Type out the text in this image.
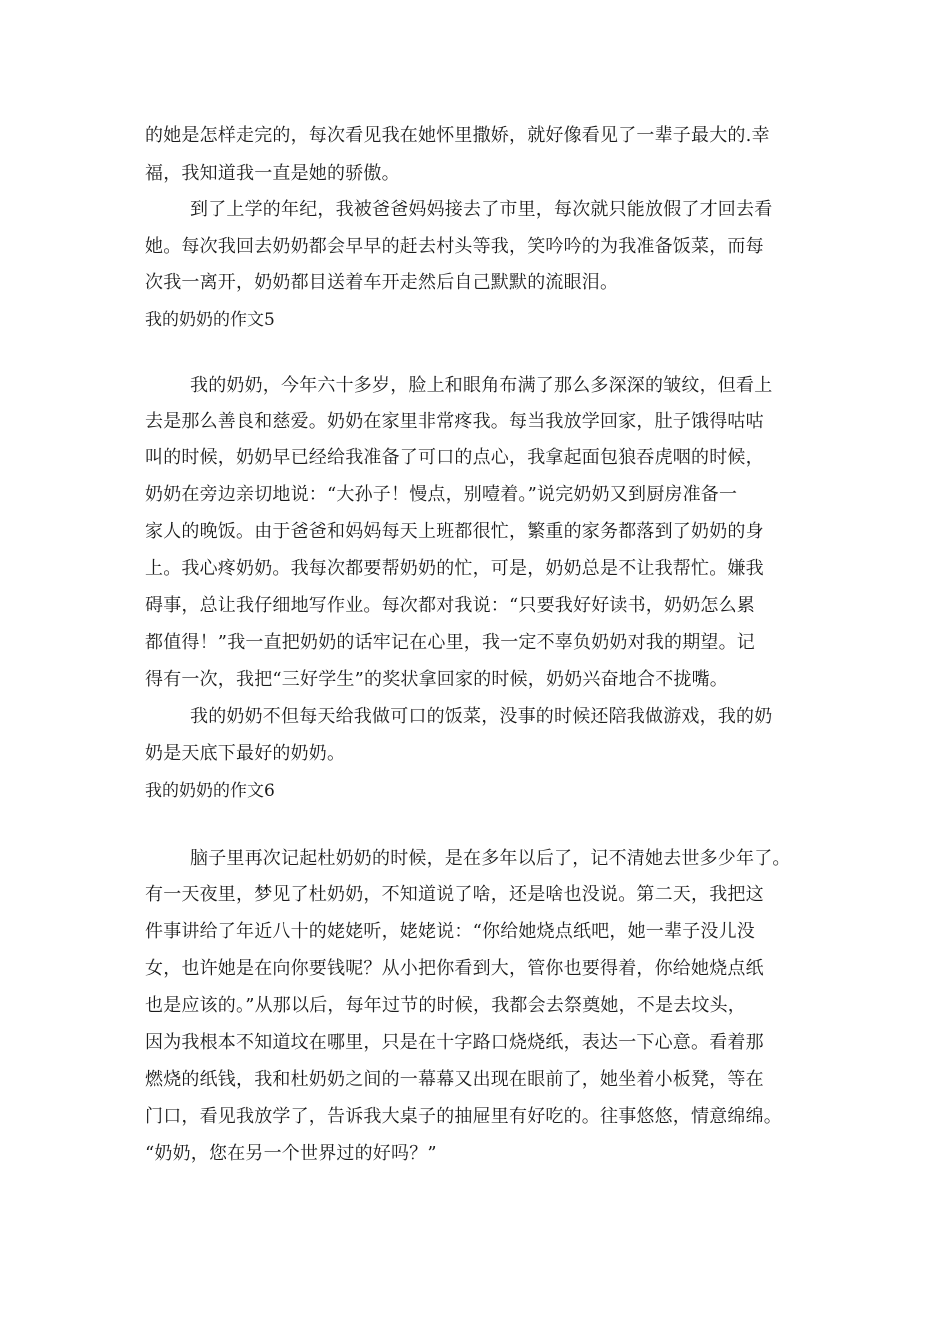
的她是怎样走完的，每次看见我在她怀里撒娇，就好像看见了一辈子最大的.幸
福，我知道我一直是她的骄傲。
到了上学的年纪，我被爸爸妈妈接去了市里，每次就只能放假了才回去看
她。每次我回去奶奶都会早早的赶去村头等我，笑吟吟的为我准备饭菜，而每
次我一离开，奶奶都目送着车开走然后自己默默的流眼泪。
我的奶奶的作文5
我的奶奶，今年六十多岁，脸上和眼角布满了那么多深深的皱纹，但看上
去是那么善良和慈爱。奶奶在家里非常疼我。每当我放学回家，肚子饿得咕咕
叫的时候，奶奶早已经给我准备了可口的点心，我拿起面包狼吞虎咽的时候，
奶奶在旁边亲切地说：“大孙子！慢点，别噎着。”说完奶奶又到厨房准备一
家人的晚饭。由于爸爸和妈妈每天上班都很忙，繁重的家务都落到了奶奶的身
上。我心疼奶奶。我每次都要帮奶奶的忙，可是，奶奶总是不让我帮忙。嫌我
碍事，总让我仔细地写作业。每次都对我说：“只要我好好读书，奶奶怎么累
都值得！”我一直把奶奶的话牢记在心里，我一定不辜负奶奶对我的期望。记
得有一次，我把“三好学生”的奖状拿回家的时候，奶奶兴奋地合不拢嘴。
我的奶奶不但每天给我做可口的饭菜，没事的时候还陪我做游戏，我的奶
奶是天底下最好的奶奶。
我的奶奶的作文6
脑子里再次记起杜奶奶的时候，是在多年以后了，记不清她去世多少年了。
有一天夜里，梦见了杜奶奶，不知道说了啥，还是啥也没说。第二天，我把这
件事讲给了年近八十的姥姥听，姥姥说：“你给她烧点纸吧，她一辈子没儿没
女，也许她是在向你要钱呢？从小把你看到大，管你也要得着，你给她烧点纸
也是应该的。”从那以后，每年过节的时候，我都会去祭奠她，不是去坟头，
因为我根本不知道坟在哪里，只是在十字路口烧烧纸，表达一下心意。看着那
燃烧的纸钱，我和杜奶奶之间的一幕幕又出现在眼前了，她坐着小板凳，等在
门口，看见我放学了，告诉我大桌子的抽屉里有好吃的。往事悠悠，情意绵绵。
“奶奶，您在另一个世界过的好吗？”
